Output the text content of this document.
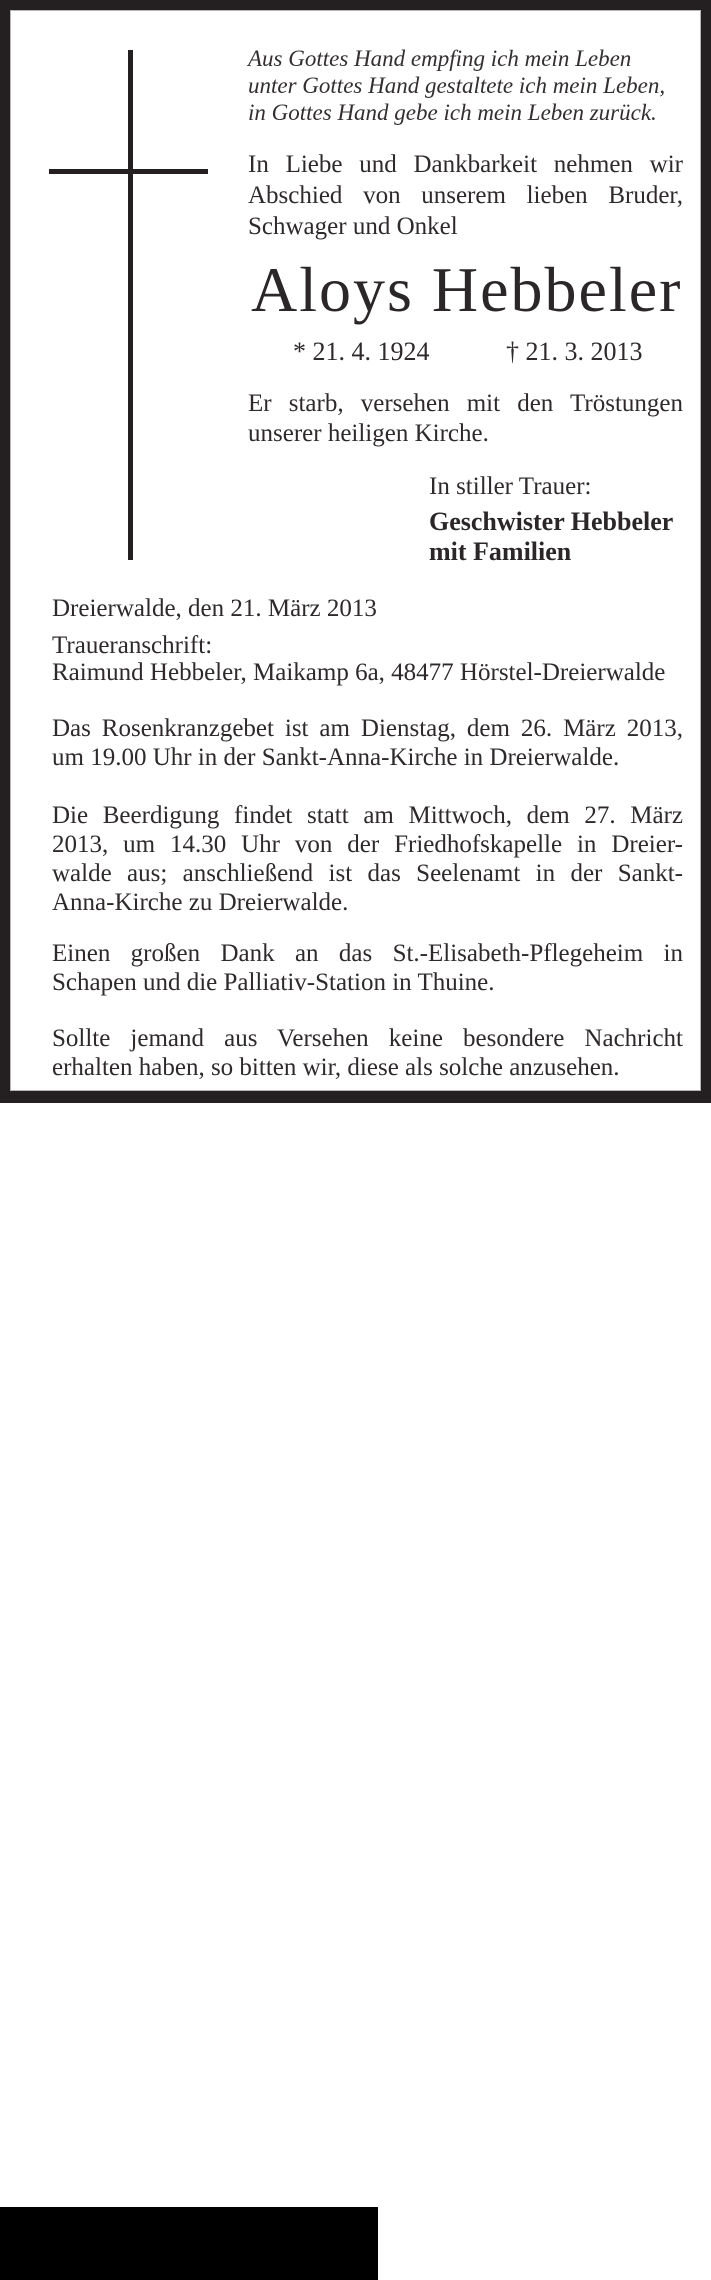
Aus Gottes Hand empfing ich mein Leben
unter Gottes Hand gestaltete ich mein Leben,
in Gottes Hand gebe ich mein Leben zurück.
In Liebe und Dankbarkeit nehmen wir
Abschied von unserem lieben Bruder,
Schwager und Onkel
Aloys Hebbeler
* 21. 4. 1924	† 21. 3. 2013
Er starb, versehen mit den Tröstungen
unserer heiligen Kirche.
In stiller Trauer:
Geschwister Hebbeler
mit Familien
Dreierwalde, den 21. März 2013
Traueranschrift:
Raimund Hebbeler, Maikamp 6a, 48477 Hörstel-Dreierwalde
Das Rosenkranzgebet ist am Dienstag, dem 26. März 2013,
um 19.00 Uhr in der Sankt-Anna-Kirche in Dreierwalde.
Die Beerdigung findet statt am Mittwoch, dem 27. März
2013, um 14.30 Uhr von der Friedhofskapelle in Dreier-
walde aus; anschließend ist das Seelenamt in der Sankt-
Anna-Kirche zu Dreierwalde.
Einen großen Dank an das St.-Elisabeth-Pflegeheim in
Schapen und die Palliativ-Station in Thuine.
Sollte jemand aus Versehen keine besondere Nachricht
erhalten haben, so bitten wir, diese als solche anzusehen.
